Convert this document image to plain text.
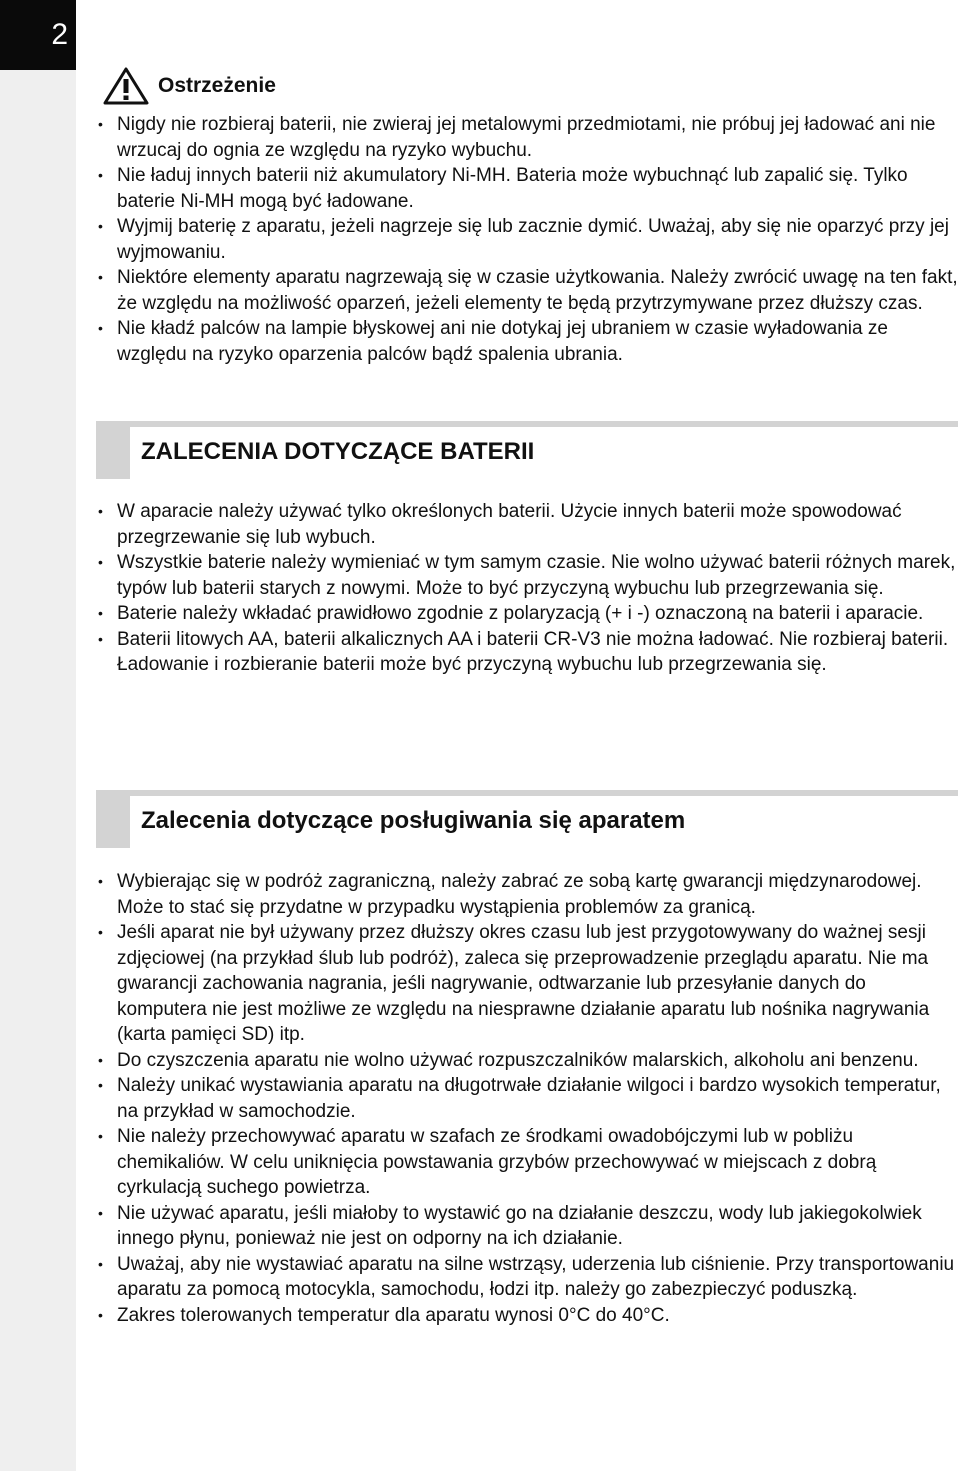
2
Ostrzeżenie
• Nigdy nie rozbieraj baterii, nie zwieraj jej metalowymi przedmiotami, nie próbuj jej ładować ani nie wrzucaj do ognia ze względu na ryzyko wybuchu.
• Nie ładuj innych baterii niż akumulatory Ni-MH. Bateria może wybuchnąć lub zapalić się. Tylko baterie Ni-MH mogą być ładowane.
• Wyjmij baterię z aparatu, jeżeli nagrzeje się lub zacznie dymić. Uważaj, aby się nie oparzyć przy jej wyjmowaniu.
• Niektóre elementy aparatu nagrzewają się w czasie użytkowania. Należy zwrócić uwagę na ten fakt, że względu na możliwość oparzeń, jeżeli elementy te będą przytrzymywane przez dłuższy czas.
• Nie kładź palców na lampie błyskowej ani nie dotykaj jej ubraniem w czasie wyładowania ze względu na ryzyko oparzenia palców bądź spalenia ubrania.
ZALECENIA DOTYCZĄCE BATERII
• W aparacie należy używać tylko określonych baterii. Użycie innych baterii może spowodować przegrzewanie się lub wybuch.
• Wszystkie baterie należy wymieniać w tym samym czasie. Nie wolno używać baterii różnych marek, typów lub baterii starych z nowymi. Może to być przyczyną wybuchu lub przegrzewania się.
• Baterie należy wkładać prawidłowo zgodnie z polaryzacją (+ i -) oznaczoną na baterii i aparacie.
• Baterii litowych AA, baterii alkalicznych AA i baterii CR-V3 nie można ładować. Nie rozbieraj baterii. Ładowanie i rozbieranie baterii może być przyczyną wybuchu lub przegrzewania się.
Zalecenia dotyczące posługiwania się aparatem
• Wybierając się w podróż zagraniczną, należy zabrać ze sobą kartę gwarancji międzynarodowej. Może to stać się przydatne w przypadku wystąpienia problemów za granicą.
• Jeśli aparat nie był używany przez dłuższy okres czasu lub jest przygotowywany do ważnej sesji zdjęciowej (na przykład ślub lub podróż), zaleca się przeprowadzenie przeglądu aparatu. Nie ma gwarancji zachowania nagrania, jeśli nagrywanie, odtwarzanie lub przesyłanie danych do komputera nie jest możliwe ze względu na niesprawne działanie aparatu lub nośnika nagrywania (karta pamięci SD) itp.
• Do czyszczenia aparatu nie wolno używać rozpuszczalników malarskich, alkoholu ani benzenu.
• Należy unikać wystawiania aparatu na długotrwałe działanie wilgoci i bardzo wysokich temperatur, na przykład w samochodzie.
• Nie należy przechowywać aparatu w szafach ze środkami owadobójczymi lub w pobliżu chemikaliów. W celu uniknięcia powstawania grzybów przechowywać w miejscach z dobrą cyrkulacją suchego powietrza.
• Nie używać aparatu, jeśli miałoby to wystawić go na działanie deszczu, wody lub jakiegokolwiek innego płynu, ponieważ nie jest on odporny na ich działanie.
• Uważaj, aby nie wystawiać aparatu na silne wstrząsy, uderzenia lub ciśnienie. Przy transportowaniu aparatu za pomocą motocykla, samochodu, łodzi itp. należy go zabezpieczyć poduszką.
• Zakres tolerowanych temperatur dla aparatu wynosi 0°C do 40°C.
